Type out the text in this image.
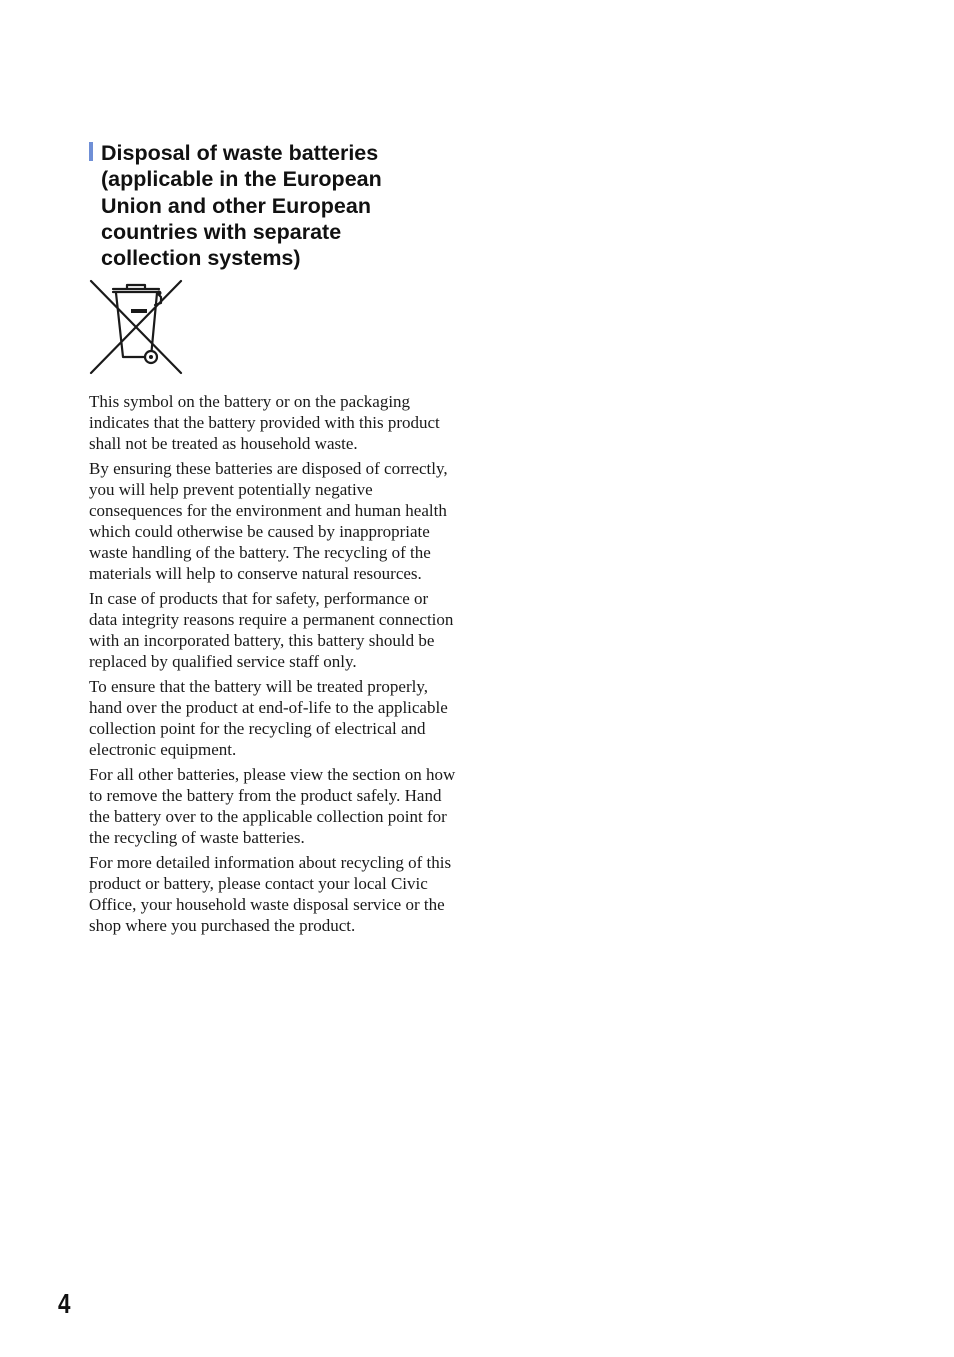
Disposal of waste batteries (applicable in the European Union and other European countries with separate collection systems)

This symbol on the battery or on the packaging indicates that the battery provided with this product shall not be treated as household waste.

By ensuring these batteries are disposed of correctly, you will help prevent potentially negative consequences for the environment and human health which could otherwise be caused by inappropriate waste handling of the battery. The recycling of the materials will help to conserve natural resources.

In case of products that for safety, performance or data integrity reasons require a permanent connection with an incorporated battery, this battery should be replaced by qualified service staff only.

To ensure that the battery will be treated properly, hand over the product at end-of-life to the applicable collection point for the recycling of electrical and electronic equipment.

For all other batteries, please view the section on how to remove the battery from the product safely. Hand the battery over to the applicable collection point for the recycling of waste batteries.

For more detailed information about recycling of this product or battery, please contact your local Civic Office, your household waste disposal service or the shop where you purchased the product.

4
